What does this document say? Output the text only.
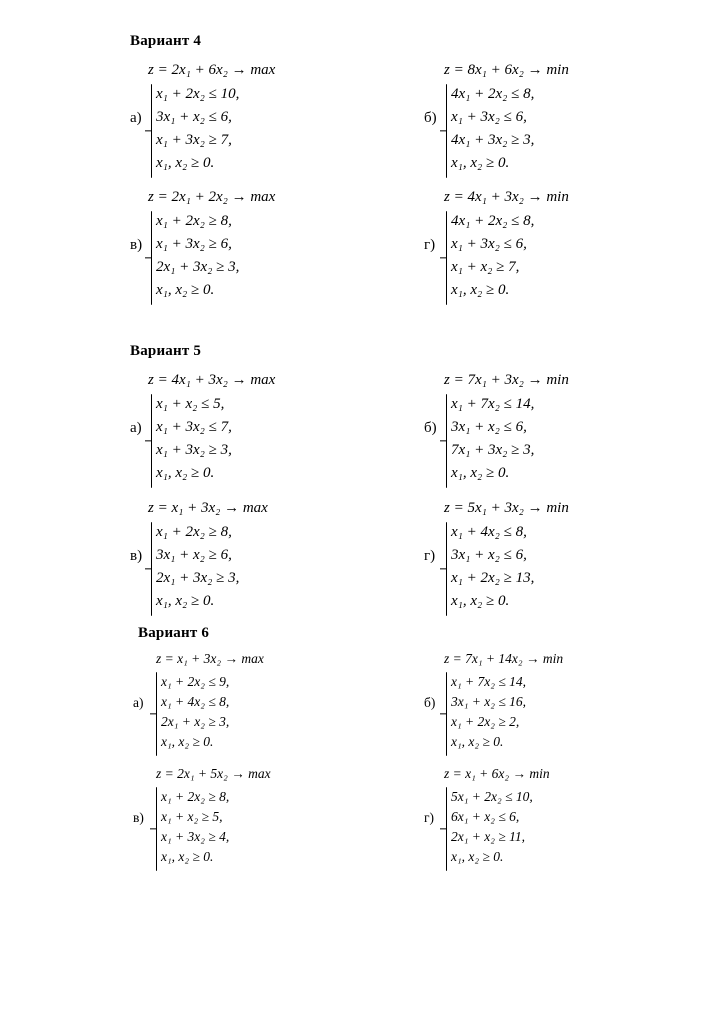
Вариант 4
z = 2x₁ + 6x₂ → max
а)
x₁ + 2x₂ ≤ 10,
3x₁ + x₂ ≤ 6,
x₁ + 3x₂ ≥ 7,
x₁, x₂ ≥ 0.
z = 8x₁ + 6x₂ → min
б)
4x₁ + 2x₂ ≤ 8,
x₁ + 3x₂ ≤ 6,
4x₁ + 3x₂ ≥ 3,
x₁, x₂ ≥ 0.
z = 2x₁ + 2x₂ → max
в)
x₁ + 2x₂ ≥ 8,
x₁ + 3x₂ ≥ 6,
2x₁ + 3x₂ ≥ 3,
x₁, x₂ ≥ 0.
z = 4x₁ + 3x₂ → min
г)
4x₁ + 2x₂ ≤ 8,
x₁ + 3x₂ ≤ 6,
x₁ + x₂ ≥ 7,
x₁, x₂ ≥ 0.
Вариант 5
z = 4x₁ + 3x₂ → max
а)
x₁ + x₂ ≤ 5,
x₁ + 3x₂ ≤ 7,
x₁ + 3x₂ ≥ 3,
x₁, x₂ ≥ 0.
z = 7x₁ + 3x₂ → min
б)
x₁ + 7x₂ ≤ 14,
3x₁ + x₂ ≤ 6,
7x₁ + 3x₂ ≥ 3,
x₁, x₂ ≥ 0.
z = x₁ + 3x₂ → max
в)
x₁ + 2x₂ ≥ 8,
3x₁ + x₂ ≥ 6,
2x₁ + 3x₂ ≥ 3,
x₁, x₂ ≥ 0.
z = 5x₁ + 3x₂ → min
г)
x₁ + 4x₂ ≤ 8,
3x₁ + x₂ ≤ 6,
x₁ + 2x₂ ≥ 13,
x₁, x₂ ≥ 0.
Вариант 6
z = x₁ + 3x₂ → max
а)
x₁ + 2x₂ ≤ 9,
x₁ + 4x₂ ≤ 8,
2x₁ + x₂ ≥ 3,
x₁, x₂ ≥ 0.
z = 7x₁ + 14x₂ → min
б)
x₁ + 7x₂ ≤ 14,
3x₁ + x₂ ≤ 16,
x₁ + 2x₂ ≥ 2,
x₁, x₂ ≥ 0.
z = 2x₁ + 5x₂ → max
в)
x₁ + 2x₂ ≥ 8,
x₁ + x₂ ≥ 5,
x₁ + 3x₂ ≥ 4,
x₁, x₂ ≥ 0.
z = x₁ + 6x₂ → min
г)
5x₁ + 2x₂ ≤ 10,
6x₁ + x₂ ≤ 6,
2x₁ + x₂ ≥ 11,
x₁, x₂ ≥ 0.
